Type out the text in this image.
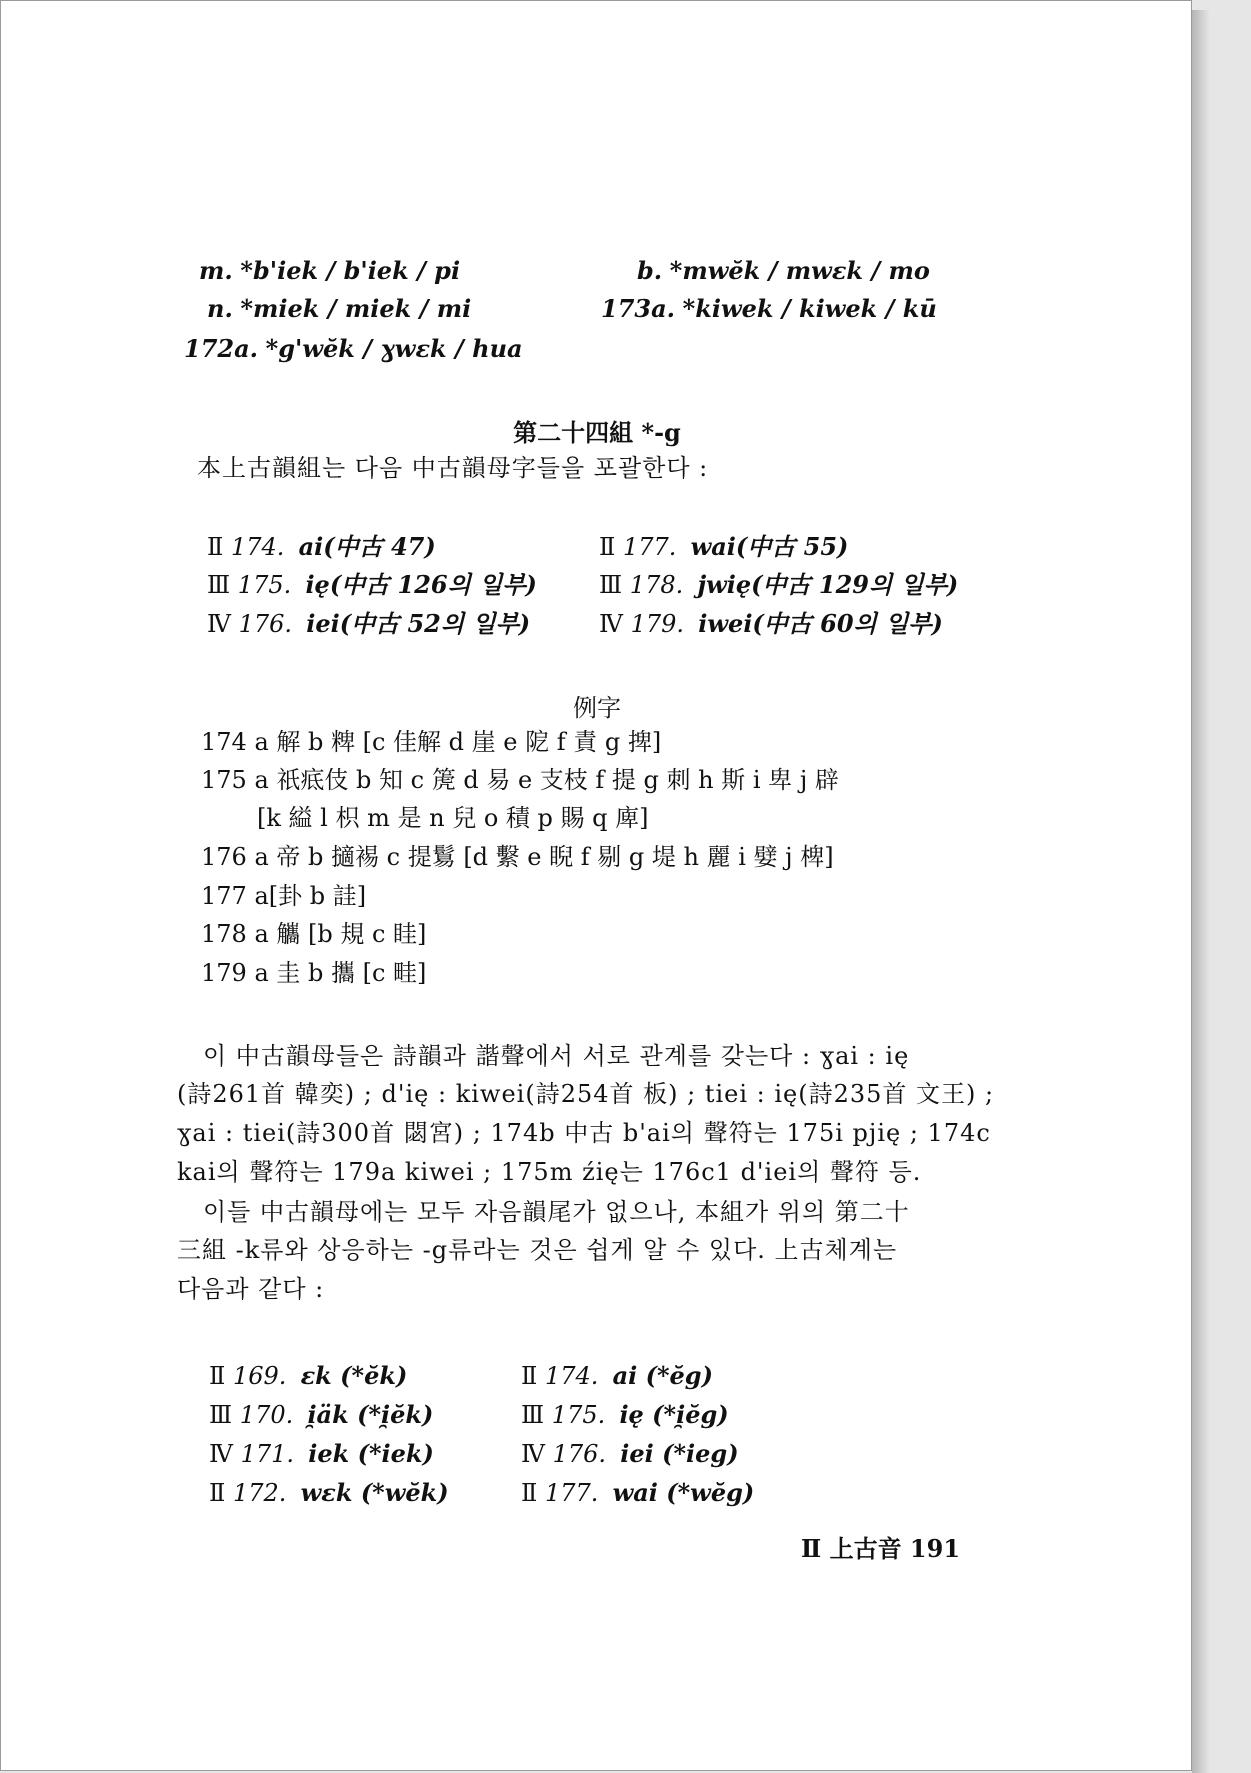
m. *b'iek / b'iek / pi
n. *miek / miek / mi
172a. *g'wĕk / ɣwɛk / hua
b. *mwĕk / mwɛk / mo
173a. *kiwek / kiwek / kū
第二十四組 *-g
本上古韻組는 다음 中古韻母字들을 포괄한다 :
Ⅱ 174. ai(中古 47)
Ⅲ 175. ię(中古 126의 일부)
Ⅳ 176. iei(中古 52의 일부)
Ⅱ 177. wai(中古 55)
Ⅲ 178. jwię(中古 129의 일부)
Ⅳ 179. iwei(中古 60의 일부)
例字
174 a 解 b 粺 [c 佳解 d 崖 e 阸 f 責 g 捭]
175 a 祇疷伎 b 知 c 箎 d 易 e 支枝 f 提 g 刺 h 斯 i 卑 j 辟
[k 縊 l 枳 m 是 n 兒 o 積 p 賜 q 庳]
176 a 帝 b 擿裼 c 提鬄 [d 繫 e 睨 f 剔 g 堤 h 麗 i 嬖 j 椑]
177 a[卦 b 詿]
178 a 觿 [b 規 c 眭]
179 a 圭 b 攜 [c 畦]
이 中古韻母들은 詩韻과 諧聲에서 서로 관계를 갖는다 : ɣai : ię
(詩261首 韓奕) ; d'ię : kiwei(詩254首 板) ; tiei : ię(詩235首 文王) ;
ɣai : tiei(詩300首 閟宮) ; 174b 中古 b'ai의 聲符는 175i pjię ; 174c
kai의 聲符는 179a kiwei ; 175m źię는 176c1 d'iei의 聲符 등.
이들 中古韻母에는 모두 자음韻尾가 없으나, 本組가 위의 第二十
三組 -k류와 상응하는 -g류라는 것은 쉽게 알 수 있다. 上古체계는
다음과 같다 :
Ⅱ 169. ɛk (*ĕk)
Ⅲ 170. i̯äk (*i̯ĕk)
Ⅳ 171. iek (*iek)
Ⅱ 172. wɛk (*wĕk)
Ⅱ 174. ai (*ĕg)
Ⅲ 175. ię (*i̯ĕg)
Ⅳ 176. iei (*ieg)
Ⅱ 177. wai (*wĕg)
Ⅱ 上古音 191
